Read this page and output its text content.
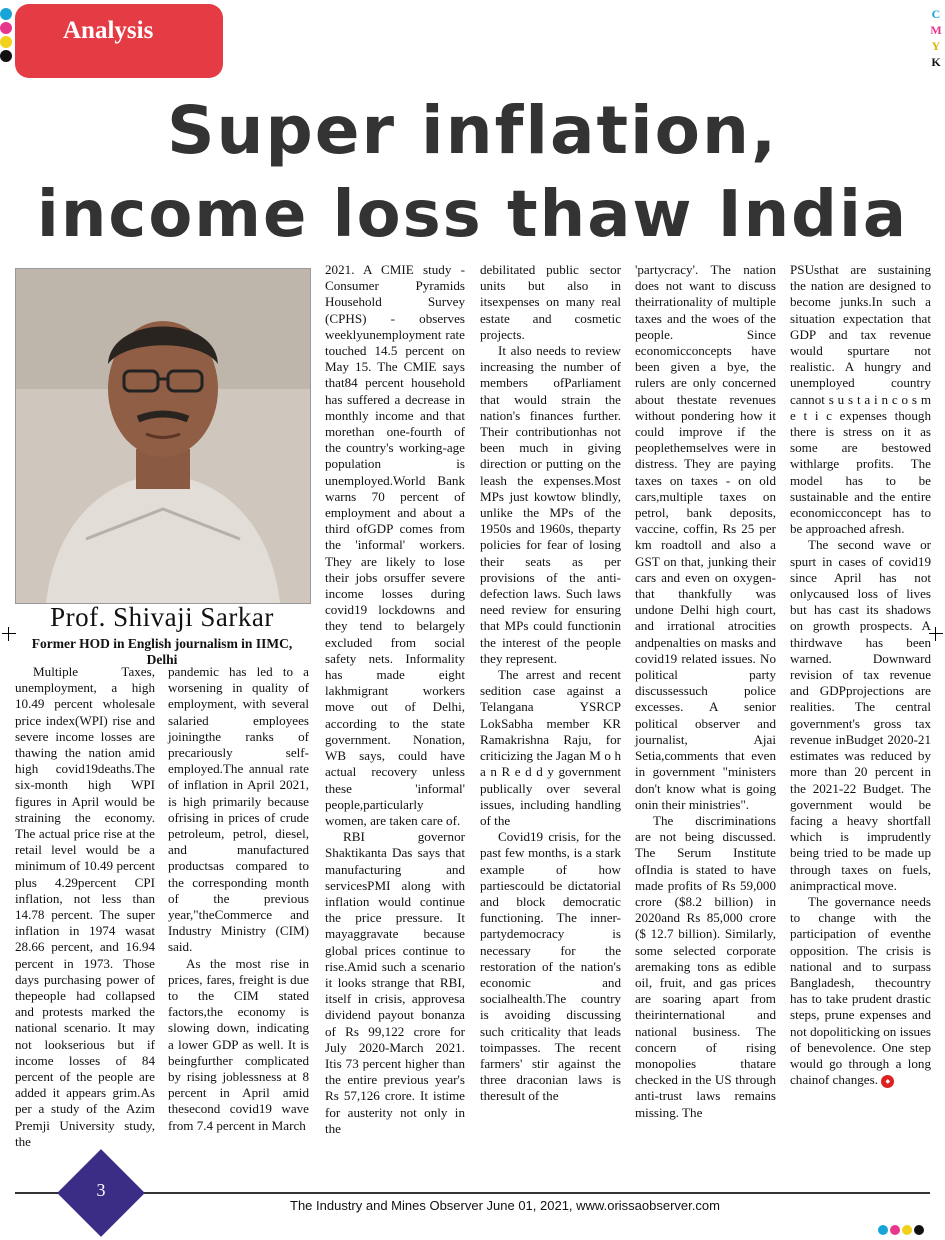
Analysis
C
M
Y
K
Super inflation,
income loss thaw India
Prof. Shivaji Sarkar
Former HOD in English journalism in IIMC, Delhi

Multiple Taxes, unemployment, a high 10.49 percent wholesale price index(WPI) rise and severe income losses are thawing the nation amid high covid19deaths.The six-month high WPI figures in April would be straining the economy. The actual price rise at the retail level would be a minimum of 10.49 percent plus 4.29percent CPI inflation, not less than 14.78 percent. The super inflation in 1974 wasat 28.66 percent, and 16.94 percent in 1973. Those days purchasing power of thepeople had collapsed and protests marked the national scenario. It may not lookserious but if income losses of 84 percent of the people are added it appears grim.As per a study of the Azim Premji University study, the

pandemic has led to a worsening in quality of employment, with several salaried employees joiningthe ranks of precariously self-employed.The annual rate of inflation in April 2021, is high primarily because ofrising in prices of crude petroleum, petrol, diesel, and manufactured productsas compared to the corresponding month of the previous year,"theCommerce and Industry Ministry (CIM) said.

As the most rise in prices, fares, freight is due to the CIM stated factors,the economy is slowing down, indicating a lower GDP as well. It is beingfurther complicated by rising joblessness at 8 percent in April amid thesecond covid19 wave from 7.4 percent in March

2021. A CMIE study - Consumer Pyramids Household Survey (CPHS) - observes weeklyunemployment rate touched 14.5 percent on May 15. The CMIE says that84 percent household has suffered a decrease in monthly income and that morethan one-fourth of the country's working-age population is unemployed.World Bank warns 70 percent of employment and about a third ofGDP comes from the 'informal' workers. They are likely to lose their jobs orsuffer severe income losses during covid19 lockdowns and they tend to belargely excluded from social safety nets. Informality has made eight lakhmigrant workers move out of Delhi, according to the state government. Nonation, WB says, could have actual recovery unless these 'informal' people,particularly women, are taken care of.

RBI governor Shaktikanta Das says that manufacturing and servicesPMI along with inflation would continue the price pressure. It mayaggravate because global prices continue to rise.Amid such a scenario it looks strange that RBI, itself in crisis, approvesa dividend payout bonanza of Rs 99,122 crore for July 2020-March 2021. Itis 73 percent higher than the entire previous year's Rs 57,126 crore. It istime for austerity not only in the

debilitated public sector units but also in itsexpenses on many real estate and cosmetic projects.

It also needs to review increasing the number of members ofParliament that would strain the nation's finances further. Their contributionhas not been much in giving direction or putting on the leash the expenses.Most MPs just kowtow blindly, unlike the MPs of the 1950s and 1960s, theparty policies for fear of losing their seats as per provisions of the anti-defection laws. Such laws need review for ensuring that MPs could functionin the interest of the people they represent.

The arrest and recent sedition case against a Telangana YSRCP LokSabha member KR Ramakrishna Raju, for criticizing the Jagan M o h a n R e d d y government publically over several issues, including handling of the

Covid19 crisis, for the past few months, is a stark example of how partiescould be dictatorial and block democratic functioning. The inner-partydemocracy is necessary for the restoration of the nation's economic and socialhealth.The country is avoiding discussing such criticality that leads toimpasses. The recent farmers' stir against the three draconian laws is theresult of the

'partycracy'. The nation does not want to discuss theirrationality of multiple taxes and the woes of the people. Since economicconcepts have been given a bye, the rulers are only concerned about thestate revenues without pondering how it could improve if the peoplethemselves were in distress. They are paying taxes on taxes - on old cars,multiple taxes on petrol, bank deposits, vaccine, coffin, Rs 25 per km roadtoll and also a GST on that, junking their cars and even on oxygen-that thankfully was undone Delhi high court, and irrational atrocities andpenalties on masks and covid19 related issues. No political party discussessuch police excesses. A senior political observer and journalist, Ajai Setia,comments that even in government "ministers don't know what is going onin their ministries".

The discriminations are not being discussed. The Serum Institute ofIndia is stated to have made profits of Rs 59,000 crore ($8.2 billion) in 2020and Rs 85,000 crore ($ 12.7 billion). Similarly, some selected corporate aremaking tons as edible oil, fruit, and gas prices are soaring apart from theirinternational and national business. The concern of rising monopolies thatare checked in the US through anti-trust laws remains missing. The

PSUsthat are sustaining the nation are designed to become junks.In such a situation expectation that GDP and tax revenue would spurtare not realistic. A hungry and unemployed country cannot s u s t a i n c o s m e t i c expenses though there is stress on it as some are bestowed withlarge profits. The model has to be sustainable and the entire economicconcept has to be approached afresh.

The second wave or spurt in cases of covid19 since April has not onlycaused loss of lives but has cast its shadows on growth prospects. A thirdwave has been warned. Downward revision of tax revenue and GDPprojections are realities. The central government's gross tax revenue inBudget 2020-21 estimates was reduced by more than 20 percent in the 2021-22 Budget. The government would be facing a heavy shortfall which is imprudently being tried to be made up through taxes on fuels, animpractical move.

The governance needs to change with the participation of eventhe opposition. The crisis is national and to surpass Bangladesh, thecountry has to take prudent drastic steps, prune expenses and not dopoliticking on issues of benevolence. One step would go through a long chainof changes. ◆

3
The Industry and Mines Observer June 01, 2021, www.orissaobserver.com
